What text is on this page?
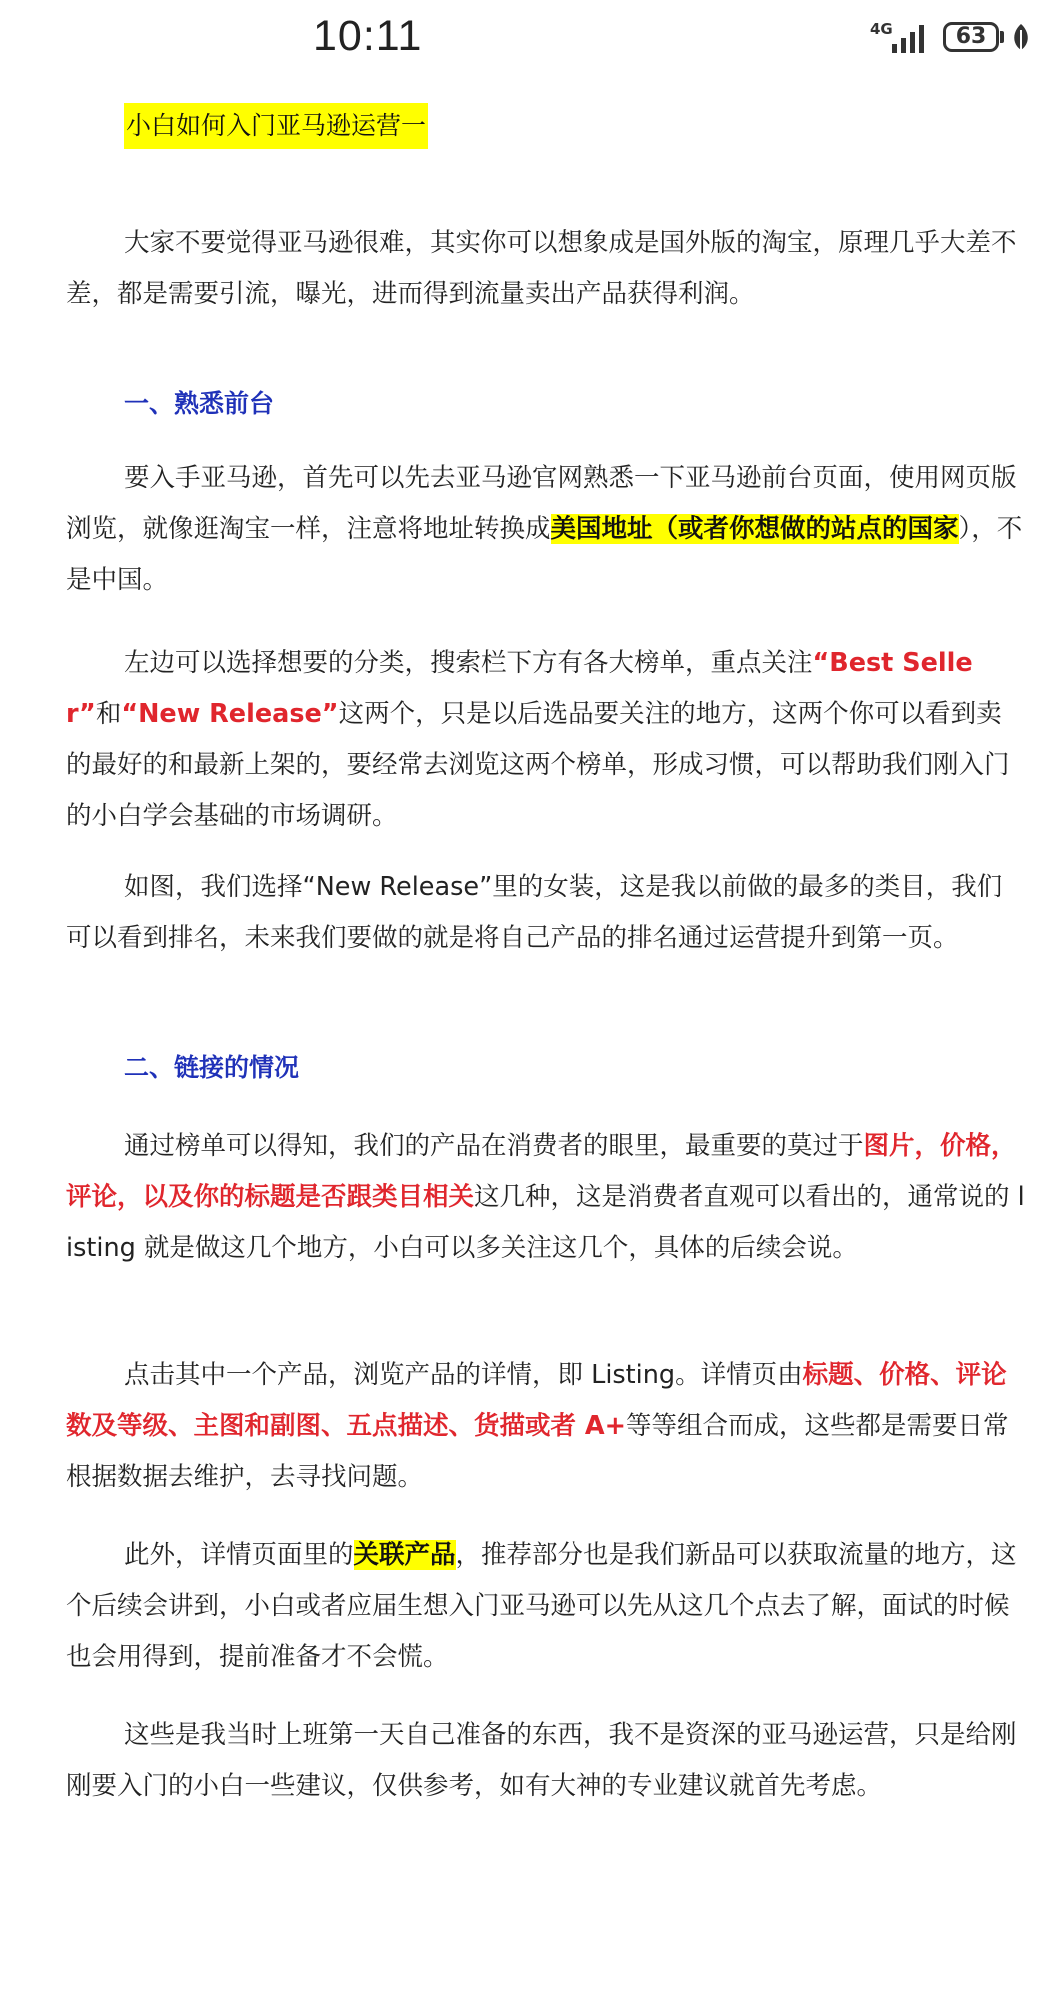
10:11	4G	63
小白如何入门亚马逊运营一
大家不要觉得亚马逊很难，其实你可以想象成是国外版的淘宝，原理几乎大差不差，都是需要引流，曝光，进而得到流量卖出产品获得利润。
一、熟悉前台
要入手亚马逊，首先可以先去亚马逊官网熟悉一下亚马逊前台页面，使用网页版浏览，就像逛淘宝一样，注意将地址转换成美国地址（或者你想做的站点的国家），不是中国。
左边可以选择想要的分类，搜索栏下方有各大榜单，重点关注“Best Seller”和“New Release”这两个，只是以后选品要关注的地方，这两个你可以看到卖的最好的和最新上架的，要经常去浏览这两个榜单，形成习惯，可以帮助我们刚入门的小白学会基础的市场调研。
如图，我们选择“New Release”里的女装，这是我以前做的最多的类目，我们可以看到排名，未来我们要做的就是将自己产品的排名通过运营提升到第一页。
二、链接的情况
通过榜单可以得知，我们的产品在消费者的眼里，最重要的莫过于图片，价格，评论，以及你的标题是否跟类目相关这几种，这是消费者直观可以看出的，通常说的 listing 就是做这几个地方，小白可以多关注这几个，具体的后续会说。
点击其中一个产品，浏览产品的详情，即 Listing。详情页由标题、价格、评论数及等级、主图和副图、五点描述、货描或者 A+等等组合而成，这些都是需要日常根据数据去维护，去寻找问题。
此外，详情页面里的关联产品，推荐部分也是我们新品可以获取流量的地方，这个后续会讲到，小白或者应届生想入门亚马逊可以先从这几个点去了解，面试的时候也会用得到，提前准备才不会慌。
这些是我当时上班第一天自己准备的东西，我不是资深的亚马逊运营，只是给刚刚要入门的小白一些建议，仅供参考，如有大神的专业建议就首先考虑。
